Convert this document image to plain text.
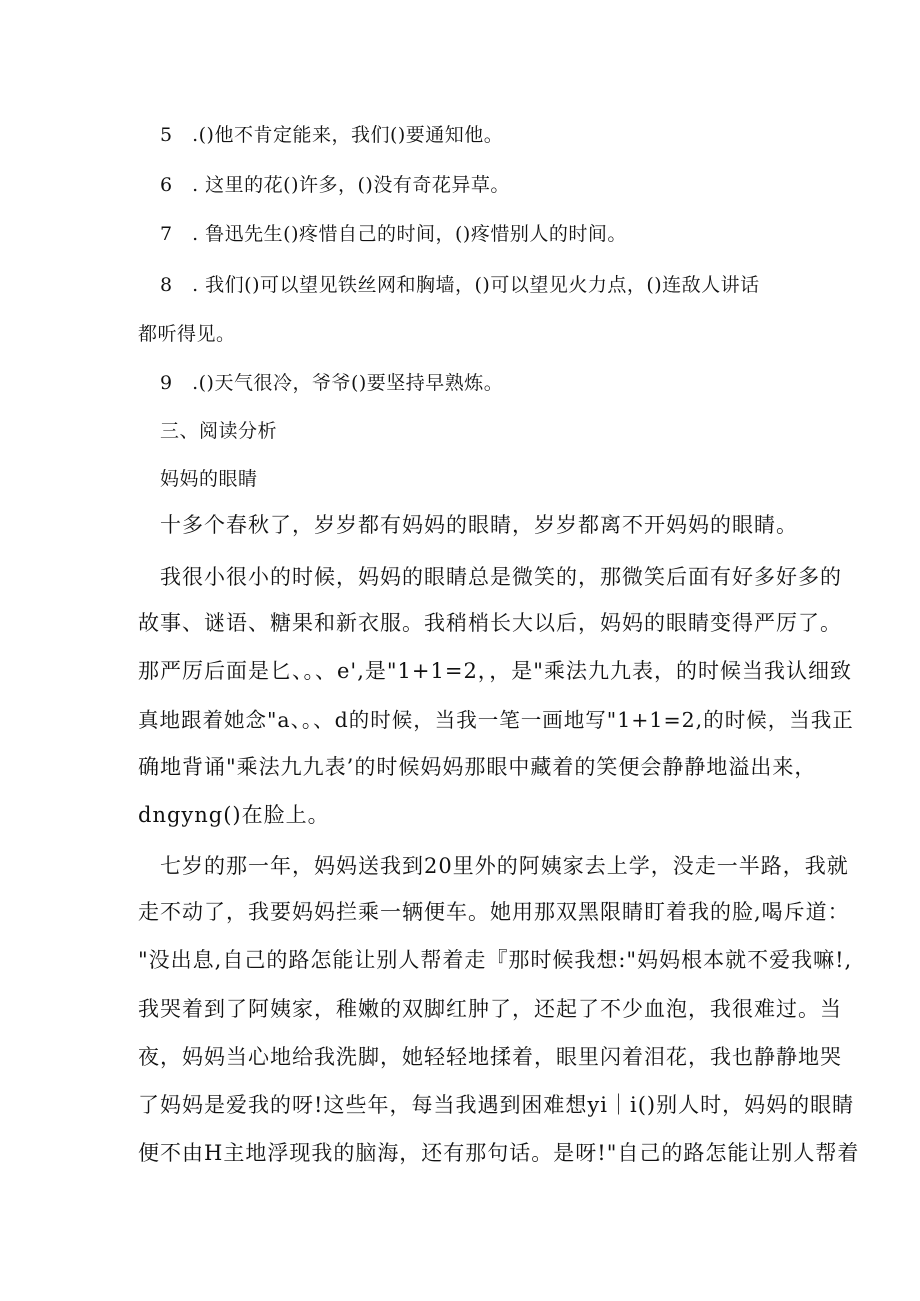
5　.()他不肯定能来，我们()要通知他。
6　. 这里的花()许多，()没有奇花异草。
7　. 鲁迅先生()疼惜自己的时间，()疼惜别人的时间。
8　. 我们()可以望见铁丝网和胸墙，()可以望见火力点，()连敌人讲话
都听得见。
9　.()天气很冷，爷爷()要坚持早熟炼。
三、阅读分析
妈妈的眼睛
十多个春秋了，岁岁都有妈妈的眼睛，岁岁都离不开妈妈的眼睛。
我很小很小的时候，妈妈的眼睛总是微笑的，那微笑后面有好多好多的
故事、谜语、糖果和新衣服。我稍梢长大以后，妈妈的眼睛变得严厉了。
那严厉后面是匕、。、e',是"1+1=2，，是"乘法九九表，的时候当我认细致
真地跟着她念"a、。、d的时候，当我一笔一画地写"1+1=2,的时候，当我正
确地背诵"乘法九九表’的时候妈妈那眼中藏着的笑便会静静地溢出来，
dngyng()在脸上。
七岁的那一年，妈妈送我到20里外的阿姨家去上学，没走一半路，我就
走不动了，我要妈妈拦乘一辆便车。她用那双黑限睛盯着我的脸,喝斥道：
"没出息,自己的路怎能让别人帮着走『那时候我想:"妈妈根本就不爱我嘛!,
我哭着到了阿姨家，稚嫩的双脚红肿了，还起了不少血泡，我很难过。当
夜，妈妈当心地给我洗脚，她轻轻地揉着，眼里闪着泪花，我也静静地哭
了妈妈是爱我的呀!这些年，每当我遇到困难想yi｜i()别人时，妈妈的眼睛
便不由H主地浮现我的脑海，还有那句话。是呀!"自己的路怎能让别人帮着
